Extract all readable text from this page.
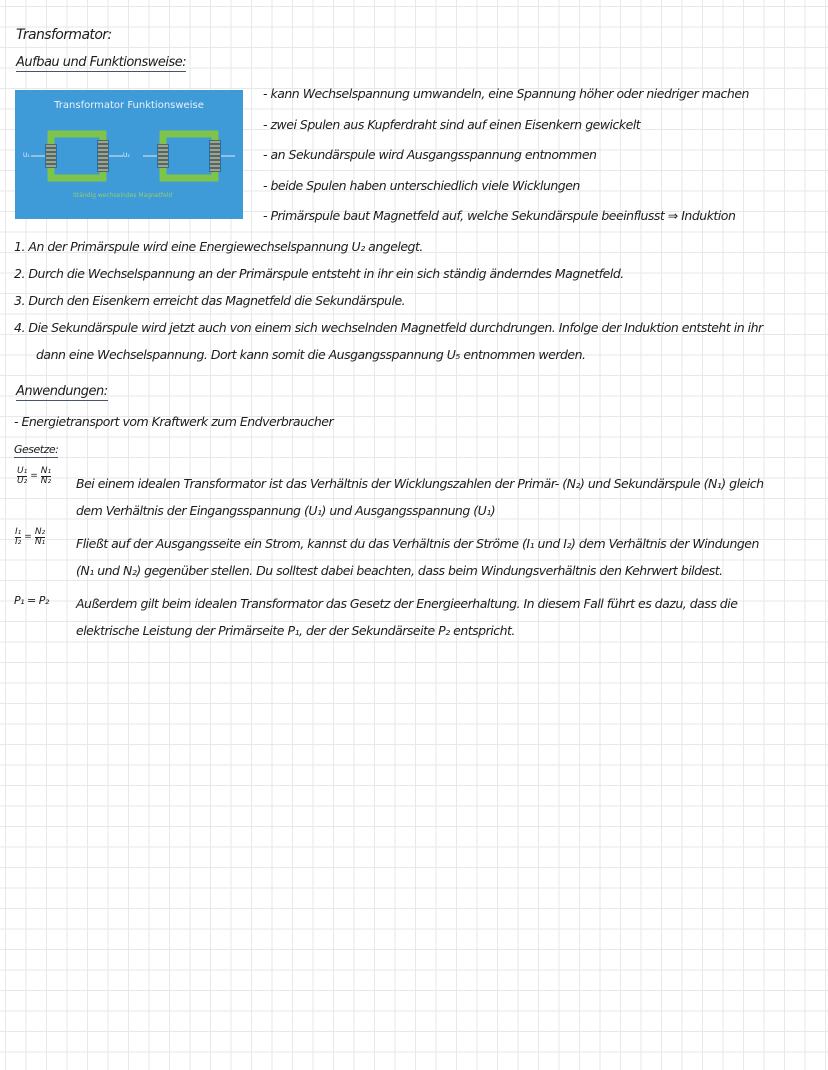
Transformator:
Aufbau und Funktionsweise:
Transformator Funktionsweise
U₁	U₂
Ständig wechselndes Magnetfeld
- kann Wechselspannung umwandeln, eine Spannung höher oder niedriger machen
- zwei Spulen aus Kupferdraht sind auf einen Eisenkern gewickelt
- an Sekundärspule wird Ausgangsspannung entnommen
- beide Spulen haben unterschiedlich viele Wicklungen
- Primärspule baut Magnetfeld auf, welche Sekundärspule beeinflusst ⇒ Induktion
1. An der Primärspule wird eine Energiewechselspannung U₂ angelegt.
2. Durch die Wechselspannung an der Primärspule entsteht in ihr ein sich ständig änderndes Magnetfeld.
3. Durch den Eisenkern erreicht das Magnetfeld die Sekundärspule.
4. Die Sekundärspule wird jetzt auch von einem sich wechselnden Magnetfeld durchdrungen. Infolge der Induktion entsteht in ihr
dann eine Wechselspannung. Dort kann somit die Ausgangsspannung U₅ entnommen werden.
Anwendungen:
- Energietransport vom Kraftwerk zum Endverbraucher
Gesetze:
U₁
U₂	=	N₁
N₂ Bei einem idealen Transformator ist das Verhältnis der Wicklungszahlen der Primär- (N₂) und Sekundärspule (N₁) gleich
dem Verhältnis der Eingangsspannung (U₁) und Ausgangsspannung (U₁)
I₁
I₂	=	N₂
N₁ Fließt auf der Ausgangsseite ein Strom, kannst du das Verhältnis der Ströme (I₁ und I₂) dem Verhältnis der Windungen
(N₁ und N₂) gegenüber stellen. Du solltest dabei beachten, dass beim Windungsverhältnis den Kehrwert bildest.
P₁ = P₂ Außerdem gilt beim idealen Transformator das Gesetz der Energieerhaltung. In diesem Fall führt es dazu, dass die
elektrische Leistung der Primärseite P₁, der der Sekundärseite P₂ entspricht.
